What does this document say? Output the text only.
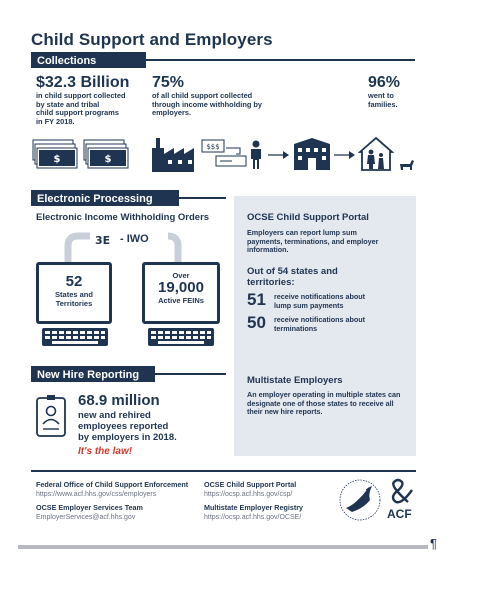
Child Support and Employers
Collections
$32.3 Billion
in child support collected
by state and tribal
child support programs
in FY 2018.
75%
of all child support collected
through income withholding by
employers.
96%
went to
families.
$	$
$$$
Electronic Processing
Electronic Income Withholding Orders
3E - IWO
52
States and
Territories
Over
19,000
Active FEINs
OCSE Child Support Portal
Employers can report lump sum
payments, terminations, and employer
information.
Out of 54 states and
territories:
51 receive notifications about
lump sum payments
50 receive notifications about
terminations
Multistate Employers
An employer operating in multiple states can
designate one of those states to receive all
their new hire reports.
New Hire Reporting
68.9 million
new and rehired
employees reported
by employers in 2018.
It's the law!
Federal Office of Child Support Enforcement
https://www.acf.hhs.gov/css/employers
OCSE Employer Services Team
EmployerServices@acf.hhs.gov
OCSE Child Support Portal
https://ocsp.acf.hhs.gov/csp/
Multistate Employer Registry
https://ocsp.acf.hhs.gov/OCSE/	ACF
¶
